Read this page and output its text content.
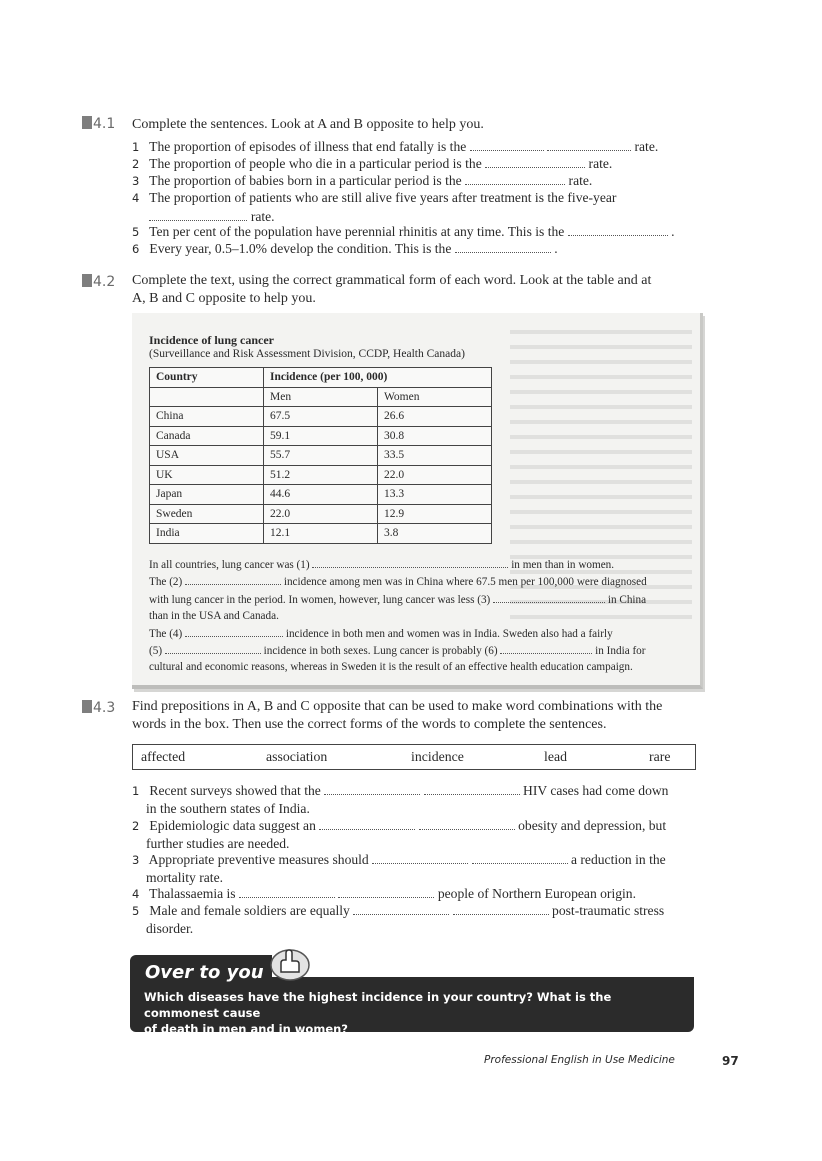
4.1 Complete the sentences. Look at A and B opposite to help you.
1 The proportion of episodes of illness that end fatally is the	rate.
2 The proportion of people who die in a particular period is the	rate.
3 The proportion of babies born in a particular period is the	rate.
4 The proportion of patients who are still alive five years after treatment is the five-year
rate.
5 Ten per cent of the population have perennial rhinitis at any time. This is the	.
6 Every year, 0.5–1.0% develop the condition. This is the	.
4.2 Complete the text, using the correct grammatical form of each word. Look at the table and at
A, B and C opposite to help you.
Incidence of lung cancer
(Surveillance and Risk Assessment Division, CCDP, Health Canada)
Country	Incidence (per 100, 000)	
	Men	Women
China	67.5	26.6
Canada	59.1	30.8
USA	55.7	33.5
UK	51.2	22.0
Japan	44.6	13.3
Sweden	22.0	12.9
India	12.1	3.8
In all countries, lung cancer was (1)	in men than in women.
The (2)	incidence among men was in China where 67.5 men per 100,000 were diagnosed
with lung cancer in the period. In women, however, lung cancer was less (3)	in China
than in the USA and Canada.
The (4)	incidence in both men and women was in India. Sweden also had a fairly
(5)	incidence in both sexes. Lung cancer is probably (6)	in India for
cultural and economic reasons, whereas in Sweden it is the result of an effective health education campaign.
4.3 Find prepositions in A, B and C opposite that can be used to make word combinations with the
words in the box. Then use the correct forms of the words to complete the sentences.
affected	association	incidence	lead	rare
1 Recent surveys showed that the	HIV cases had come down
in the southern states of India.
2 Epidemiologic data suggest an	obesity and depression, but
further studies are needed.
3 Appropriate preventive measures should	a reduction in the
mortality rate.
4 Thalassaemia is	people of Northern European origin.
5 Male and female soldiers are equally	post-traumatic stress
disorder.
Which diseases have the highest incidence in your country? What is the commonest cause
of death in men and in women?
Over to you
Professional English in Use Medicine	97
